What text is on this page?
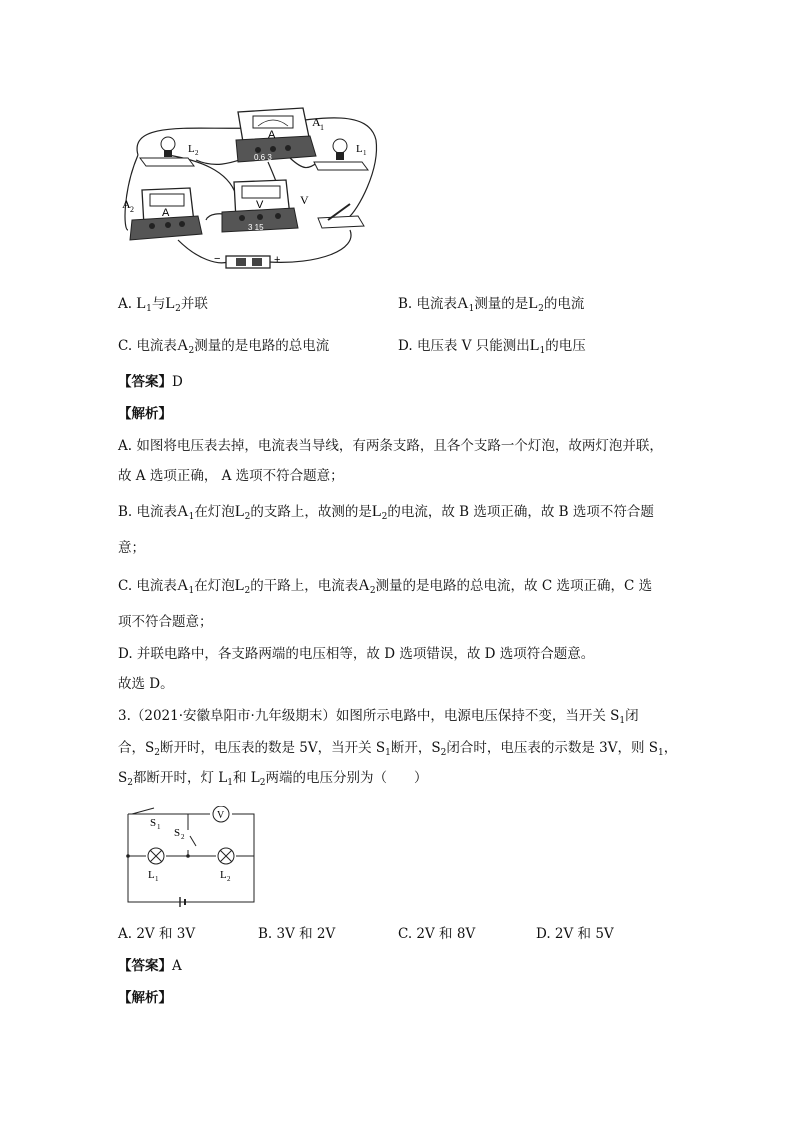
A
0.6 3
A 1
L 2	L 1
A
A 2	V
3 15
V
−	+
A. $L_1$与$L_2$并联	B. 电流表$A_1$测量的是$L_2$的电流
C. 电流表$A_2$测量的是电路的总电流	D. 电压表 V 只能测出$L_1$的电压
【答案】D
【解析】
A. 如图将电压表去掉，电流表当导线，有两条支路，且各个支路一个灯泡，故两灯泡并联，
故 A 选项正确， A 选项不符合题意；
B. 电流表$A_1$在灯泡$L_2$的支路上，故测的是$L_2$的电流，故 B 选项正确，故 B 选项不符合题
意；
C. 电流表$A_1$在灯泡$L_2$的干路上，电流表$A_2$测量的是电路的总电流，故 C 选项正确，C 选
项不符合题意；
D. 并联电路中，各支路两端的电压相等，故 D 选项错误，故 D 选项符合题意。
故选 D。
3.（2021·安徽阜阳市·九年级期末）如图所示电路中，电源电压保持不变，当开关 $S_1$闭
合，$S_2$断开时，电压表的数是 5V，当开关 $S_1$断开，$S_2$闭合时，电压表的示数是 3V，则 $S_1$，
$S_2$都断开时，灯 $L_1$和 $L_2$两端的电压分别为（　　）
V
S 1 S 2
L 1	L 2
A. 2V 和 3V	B. 3V 和 2V	C. 2V 和 8V	D. 2V 和 5V
【答案】A
【解析】
